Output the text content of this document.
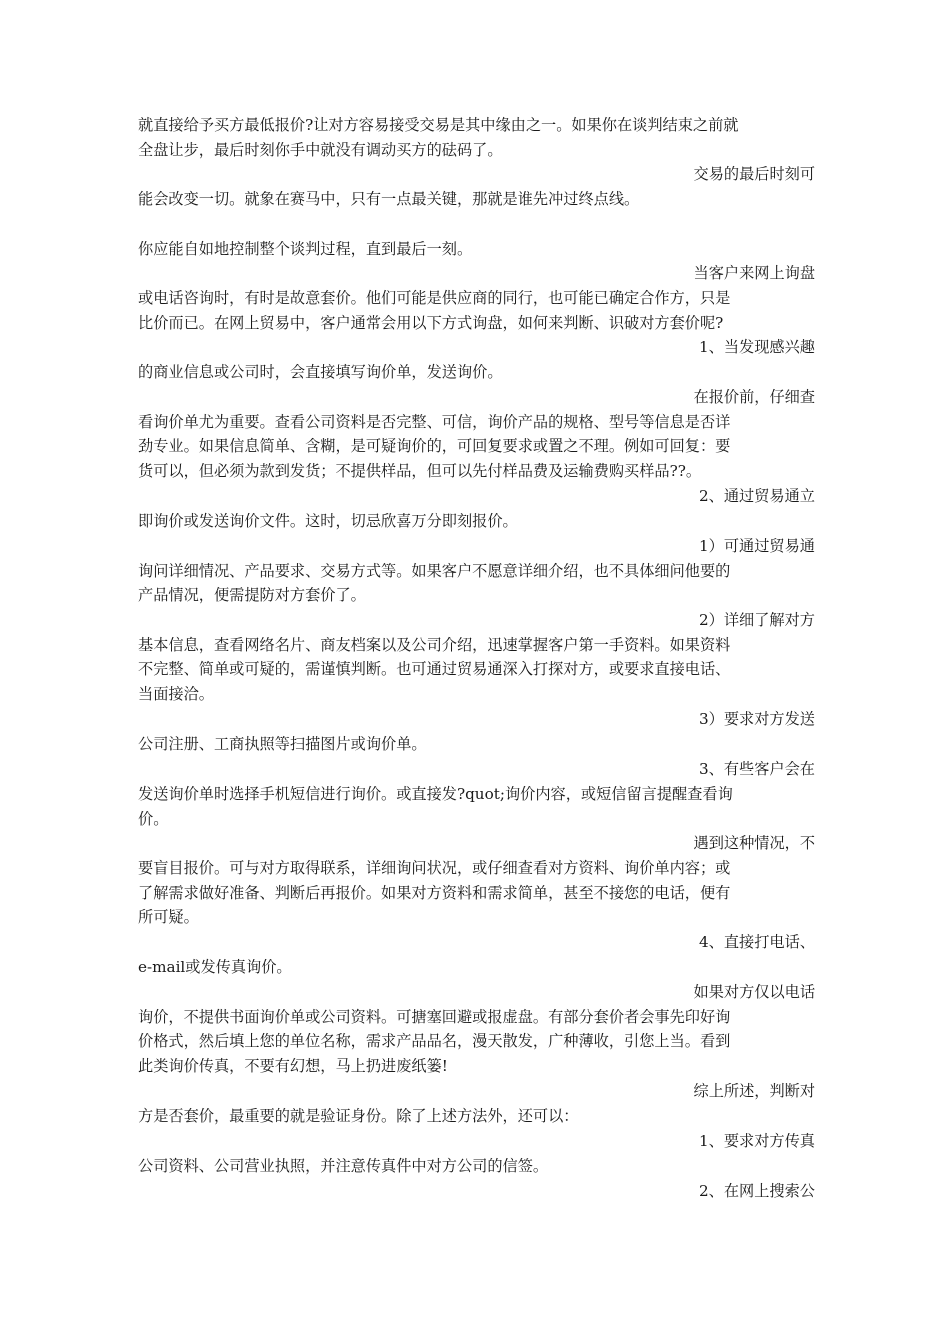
就直接给予买方最低报价?让对方容易接受交易是其中缘由之一。如果你在谈判结束之前就
全盘让步，最后时刻你手中就没有调动买方的砝码了。
交易的最后时刻可
能会改变一切。就象在赛马中，只有一点最关键，那就是谁先冲过终点线。
你应能自如地控制整个谈判过程，直到最后一刻。
当客户来网上询盘
或电话咨询时，有时是故意套价。他们可能是供应商的同行，也可能已确定合作方，只是
比价而已。在网上贸易中，客户通常会用以下方式询盘，如何来判断、识破对方套价呢?
1、当发现感兴趣
的商业信息或公司时，会直接填写询价单，发送询价。
在报价前，仔细查
看询价单尤为重要。查看公司资料是否完整、可信，询价产品的规格、型号等信息是否详
劲专业。如果信息简单、含糊，是可疑询价的，可回复要求或置之不理。例如可回复：要
货可以，但必须为款到发货；不提供样品，但可以先付样品费及运输费购买样品??。
2、通过贸易通立
即询价或发送询价文件。这时，切忌欣喜万分即刻报价。
1）可通过贸易通
询问详细情况、产品要求、交易方式等。如果客户不愿意详细介绍，也不具体细问他要的
产品情况，便需提防对方套价了。
2）详细了解对方
基本信息，查看网络名片、商友档案以及公司介绍，迅速掌握客户第一手资料。如果资料
不完整、简单或可疑的，需谨慎判断。也可通过贸易通深入打探对方，或要求直接电话、
当面接洽。
3）要求对方发送
公司注册、工商执照等扫描图片或询价单。
3、有些客户会在
发送询价单时选择手机短信进行询价。或直接发?quot;询价内容，或短信留言提醒查看询
价。
遇到这种情况，不
要盲目报价。可与对方取得联系，详细询问状况，或仔细查看对方资料、询价单内容；或
了解需求做好准备、判断后再报价。如果对方资料和需求简单，甚至不接您的电话，便有
所可疑。
4、直接打电话、
e-mail或发传真询价。
如果对方仅以电话
询价，不提供书面询价单或公司资料。可搪塞回避或报虚盘。有部分套价者会事先印好询
价格式，然后填上您的单位名称，需求产品品名，漫天散发，广种薄收，引您上当。看到
此类询价传真，不要有幻想，马上扔进废纸篓!
综上所述，判断对
方是否套价，最重要的就是验证身份。除了上述方法外，还可以：
1、要求对方传真
公司资料、公司营业执照，并注意传真件中对方公司的信签。
2、在网上搜索公
